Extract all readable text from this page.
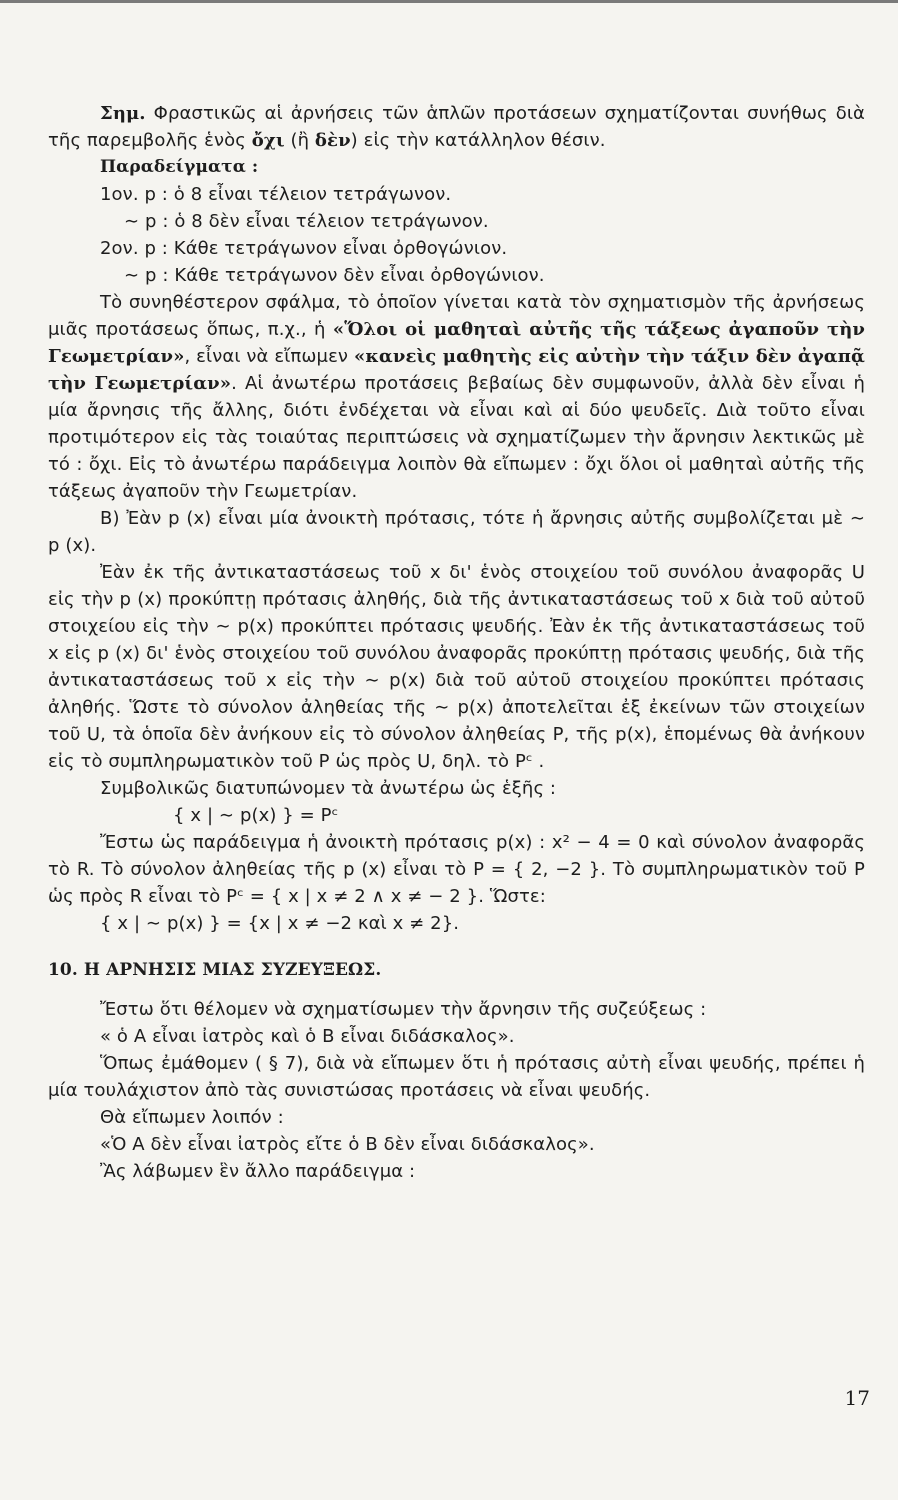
Σημ. Φραστικῶς αἱ ἀρνήσεις τῶν ἁπλῶν προτάσεων σχηματίζονται συνήθως διὰ τῆς παρεμβολῆς ἑνὸς ὄχι (ἢ δὲν) εἰς τὴν κατάλληλον θέσιν.

Παραδείγματα :

1ον. p : ὁ 8 εἶναι τέλειον τετράγωνον.

∼ p : ὁ 8 δὲν εἶναι τέλειον τετράγωνον.

2ον. p : Κάθε τετράγωνον εἶναι ὀρθογώνιον.

∼ p : Κάθε τετράγωνον δὲν εἶναι ὀρθογώνιον.

Τὸ συνηθέστερον σφάλμα, τὸ ὁποῖον γίνεται κατὰ τὸν σχηματισμὸν τῆς ἀρνήσεως μιᾶς προτάσεως ὅπως, π.χ., ἡ «Ὅλοι οἱ μαθηταὶ αὐτῆς τῆς τάξεως ἀγαποῦν τὴν Γεωμετρίαν», εἶναι νὰ εἴπωμεν «κανεὶς μαθητὴς εἰς αὐτὴν τὴν τάξιν δὲν ἀγαπᾷ τὴν Γεωμετρίαν». Αἱ ἀνωτέρω προτάσεις βεβαίως δὲν συμφωνοῦν, ἀλλὰ δὲν εἶναι ἡ μία ἄρνησις τῆς ἄλλης, διότι ἐνδέχεται νὰ εἶναι καὶ αἱ δύο ψευδεῖς. Διὰ τοῦτο εἶναι προτιμότερον εἰς τὰς τοιαύτας περιπτώσεις νὰ σχηματίζωμεν τὴν ἄρνησιν λεκτικῶς μὲ τό : ὄχι. Εἰς τὸ ἀνωτέρω παράδειγμα λοιπὸν θὰ εἴπωμεν : ὄχι ὅλοι οἱ μαθηταὶ αὐτῆς τῆς τάξεως ἀγαποῦν τὴν Γεωμετρίαν.

Β) Ἐὰν p (x) εἶναι μία ἀνοικτὴ πρότασις, τότε ἡ ἄρνησις αὐτῆς συμβολίζεται μὲ ∼ p (x).

Ἐὰν ἐκ τῆς ἀντικαταστάσεως τοῦ x δι' ἑνὸς στοιχείου τοῦ συνόλου ἀναφορᾶς U εἰς τὴν p (x) προκύπτῃ πρότασις ἀληθής, διὰ τῆς ἀντικαταστάσεως τοῦ x διὰ τοῦ αὐτοῦ στοιχείου εἰς τὴν ∼ p(x) προκύπτει πρότασις ψευδής. Ἐὰν ἐκ τῆς ἀντικαταστάσεως τοῦ x εἰς p (x) δι' ἑνὸς στοιχείου τοῦ συνόλου ἀναφορᾶς προκύπτῃ πρότασις ψευδής, διὰ τῆς ἀντικαταστάσεως τοῦ x εἰς τὴν ∼ p(x) διὰ τοῦ αὐτοῦ στοιχείου προκύπτει πρότασις ἀληθής. Ὥστε τὸ σύνολον ἀληθείας τῆς ∼ p(x) ἀποτελεῖται ἐξ ἐκείνων τῶν στοιχείων τοῦ U, τὰ ὁποῖα δὲν ἀνήκουν εἰς τὸ σύνολον ἀληθείας P, τῆς p(x), ἑπομένως θὰ ἀνήκουν εἰς τὸ συμπληρωματικὸν τοῦ P ὡς πρὸς U, δηλ. τὸ Pᶜ .

Συμβολικῶς διατυπώνομεν τὰ ἀνωτέρω ὡς ἑξῆς :

{ x | ∼ p(x) } = Pᶜ

Ἔστω ὡς παράδειγμα ἡ ἀνοικτὴ πρότασις p(x) : x² − 4 = 0 καὶ σύνολον ἀναφορᾶς τὸ R. Τὸ σύνολον ἀληθείας τῆς p (x) εἶναι τὸ P = { 2, −2 }. Τὸ συμπληρωματικὸν τοῦ P ὡς πρὸς R εἶναι τὸ Pᶜ = { x | x ≠ 2 ∧ x ≠ − 2 }. Ὥστε:

{ x | ∼ p(x) } = {x | x ≠ −2 καὶ x ≠ 2}.

10. Η ΑΡΝΗΣΙΣ ΜΙΑΣ ΣΥΖΕΥΞΕΩΣ.

Ἔστω ὅτι θέλομεν νὰ σχηματίσωμεν τὴν ἄρνησιν τῆς συζεύξεως :

« ὁ Α εἶναι ἰατρὸς καὶ ὁ Β εἶναι διδάσκαλος».

Ὅπως ἐμάθομεν ( § 7), διὰ νὰ εἴπωμεν ὅτι ἡ πρότασις αὐτὴ εἶναι ψευδής, πρέπει ἡ μία τουλάχιστον ἀπὸ τὰς συνιστώσας προτάσεις νὰ εἶναι ψευδής.

Θὰ εἴπωμεν λοιπόν :

«Ὁ Α δὲν εἶναι ἰατρὸς εἴτε ὁ Β δὲν εἶναι διδάσκαλος».

Ἂς λάβωμεν ἓν ἄλλο παράδειγμα :

17
